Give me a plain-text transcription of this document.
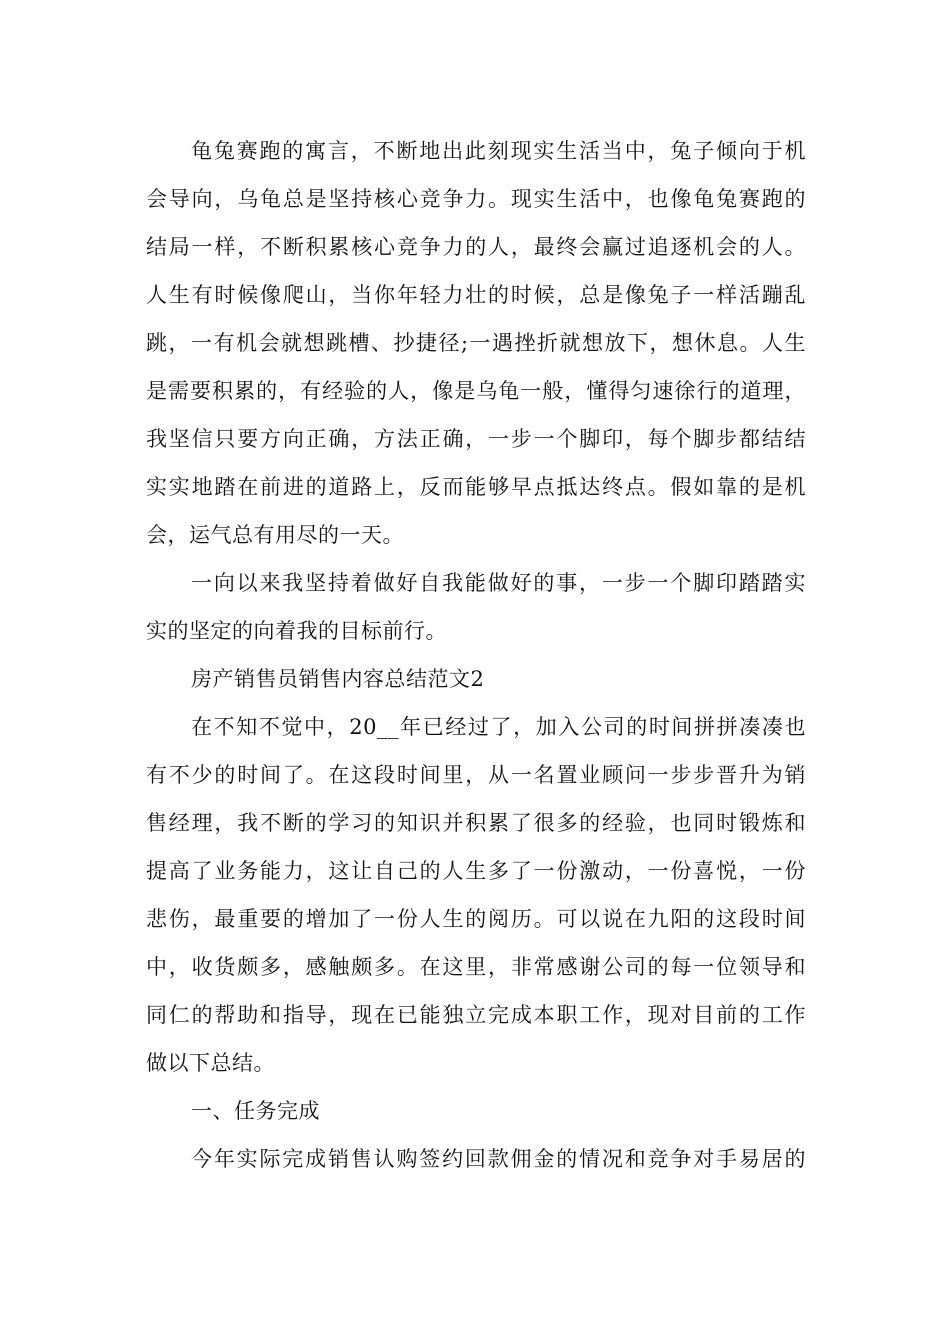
龟兔赛跑的寓言，不断地出此刻现实生活当中，兔子倾向于机
会导向，乌龟总是坚持核心竞争力。现实生活中，也像龟兔赛跑的
结局一样，不断积累核心竞争力的人，最终会赢过追逐机会的人。
人生有时候像爬山，当你年轻力壮的时候，总是像兔子一样活蹦乱
跳，一有机会就想跳槽、抄捷径;一遇挫折就想放下，想休息。人生
是需要积累的，有经验的人，像是乌龟一般，懂得匀速徐行的道理，
我坚信只要方向正确，方法正确，一步一个脚印，每个脚步都结结
实实地踏在前进的道路上，反而能够早点抵达终点。假如靠的是机
会，运气总有用尽的一天。
一向以来我坚持着做好自我能做好的事，一步一个脚印踏踏实
实的坚定的向着我的目标前行。
房产销售员销售内容总结范文2
在不知不觉中，20__年已经过了，加入公司的时间拼拼凑凑也
有不少的时间了。在这段时间里，从一名置业顾问一步步晋升为销
售经理，我不断的学习的知识并积累了很多的经验，也同时锻炼和
提高了业务能力，这让自己的人生多了一份激动，一份喜悦，一份
悲伤，最重要的增加了一份人生的阅历。可以说在九阳的这段时间
中，收货颇多，感触颇多。在这里，非常感谢公司的每一位领导和
同仁的帮助和指导，现在已能独立完成本职工作，现对目前的工作
做以下总结。
一、任务完成
今年实际完成销售认购签约回款佣金的情况和竞争对手易居的
